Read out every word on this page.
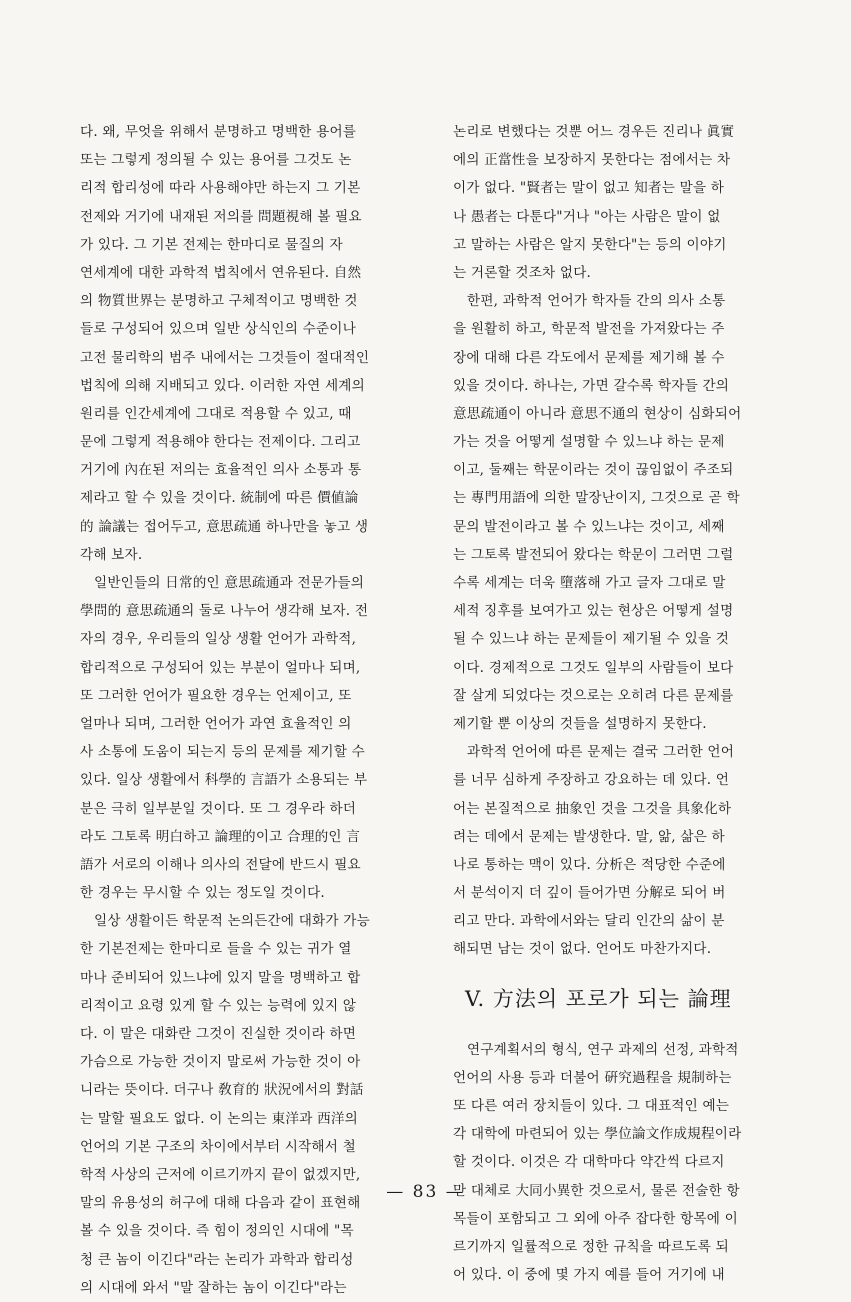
다. 왜, 무엇을 위해서 분명하고 명백한 용어를
또는 그렇게 정의될 수 있는 용어를 그것도 논
리적 합리성에 따라 사용해야만 하는지 그 기본
전제와 거기에 내재된 저의를 問題視해 볼 필요
가 있다. 그 기본 전제는 한마디로 물질의 자
연세계에 대한 과학적 법칙에서 연유된다. 自然
의 物質世界는 분명하고 구체적이고 명백한 것
들로 구성되어 있으며 일반 상식인의 수준이나
고전 물리학의 범주 내에서는 그것들이 절대적인
법칙에 의해 지배되고 있다. 이러한 자연 세계의
원리를 인간세계에 그대로 적용할 수 있고, 때
문에 그렇게 적용해야 한다는 전제이다. 그리고
거기에 內在된 저의는 효율적인 의사 소통과 통
제라고 할 수 있을 것이다. 統制에 따른 價値論
的 論議는 접어두고, 意思疏通 하나만을 놓고 생
각해 보자.
일반인들의 日常的인 意思疏通과 전문가들의
學問的 意思疏通의 둘로 나누어 생각해 보자. 전
자의 경우, 우리들의 일상 생활 언어가 과학적,
합리적으로 구성되어 있는 부분이 얼마나 되며,
또 그러한 언어가 필요한 경우는 언제이고, 또
얼마나 되며, 그러한 언어가 과연 효율적인 의
사 소통에 도움이 되는지 등의 문제를 제기할 수
있다. 일상 생활에서 科學的 言語가 소용되는 부
분은 극히 일부분일 것이다. 또 그 경우라 하더
라도 그토록 明白하고 論理的이고 合理的인 言
語가 서로의 이해나 의사의 전달에 반드시 필요
한 경우는 무시할 수 있는 정도일 것이다.
일상 생활이든 학문적 논의든간에 대화가 가능
한 기본전제는 한마디로 들을 수 있는 귀가 열
마나 준비되어 있느냐에 있지 말을 명백하고 합
리적이고 요령 있게 할 수 있는 능력에 있지 않
다. 이 말은 대화란 그것이 진실한 것이라 하면
가슴으로 가능한 것이지 말로써 가능한 것이 아
니라는 뜻이다. 더구나 敎育的 狀況에서의 對話
는 말할 필요도 없다. 이 논의는 東洋과 西洋의
언어의 기본 구조의 차이에서부터 시작해서 철
학적 사상의 근저에 이르기까지 끝이 없겠지만,
말의 유용성의 허구에 대해 다음과 같이 표현해
볼 수 있을 것이다. 즉 힘이 정의인 시대에 "목
청 큰 놈이 이긴다"라는 논리가 과학과 합리성
의 시대에 와서 "말 잘하는 놈이 이긴다"라는
논리로 변했다는 것뿐 어느 경우든 진리나 眞實
에의 正當性을 보장하지 못한다는 점에서는 차
이가 없다. "賢者는 말이 없고 知者는 말을 하
나 愚者는 다툰다"거나 "아는 사람은 말이 없
고 말하는 사람은 알지 못한다"는 등의 이야기
는 거론할 것조차 없다.
한편, 과학적 언어가 학자들 간의 의사 소통
을 원활히 하고, 학문적 발전을 가져왔다는 주
장에 대해 다른 각도에서 문제를 제기해 볼 수
있을 것이다. 하나는, 가면 갈수록 학자들 간의
意思疏通이 아니라 意思不通의 현상이 심화되어
가는 것을 어떻게 설명할 수 있느냐 하는 문제
이고, 둘째는 학문이라는 것이 끊임없이 주조되
는 專門用語에 의한 말장난이지, 그것으로 곧 학
문의 발전이라고 볼 수 있느냐는 것이고, 세째
는 그토록 발전되어 왔다는 학문이 그러면 그럴
수록 세계는 더욱 墮落해 가고 글자 그대로 말
세적 징후를 보여가고 있는 현상은 어떻게 설명
될 수 있느냐 하는 문제들이 제기될 수 있을 것
이다. 경제적으로 그것도 일부의 사람들이 보다
잘 살게 되었다는 것으로는 오히려 다른 문제를
제기할 뿐 이상의 것들을 설명하지 못한다.
과학적 언어에 따른 문제는 결국 그러한 언어
를 너무 심하게 주장하고 강요하는 데 있다. 언
어는 본질적으로 抽象인 것을 그것을 具象化하
려는 데에서 문제는 발생한다. 말, 앎, 삶은 하
나로 통하는 맥이 있다. 分析은 적당한 수준에
서 분석이지 더 깊이 들어가면 分解로 되어 버
리고 만다. 과학에서와는 달리 인간의 삶이 분
해되면 남는 것이 없다. 언어도 마찬가지다.
V. 方法의 포로가 되는 論理
연구계획서의 형식, 연구 과제의 선정, 과학적
언어의 사용 등과 더불어 硏究過程을 規制하는
또 다른 여러 장치들이 있다. 그 대표적인 예는
각 대학에 마련되어 있는 學位論文作成規程이라
할 것이다. 이것은 각 대학마다 약간씩 다르지
만 대체로 大同小異한 것으로서, 물론 전술한 항
목들이 포함되고 그 외에 아주 잡다한 항목에 이
르기까지 일률적으로 정한 규칙을 따르도록 되
어 있다. 이 중에 몇 가지 예를 들어 거기에 내
— 83 —
